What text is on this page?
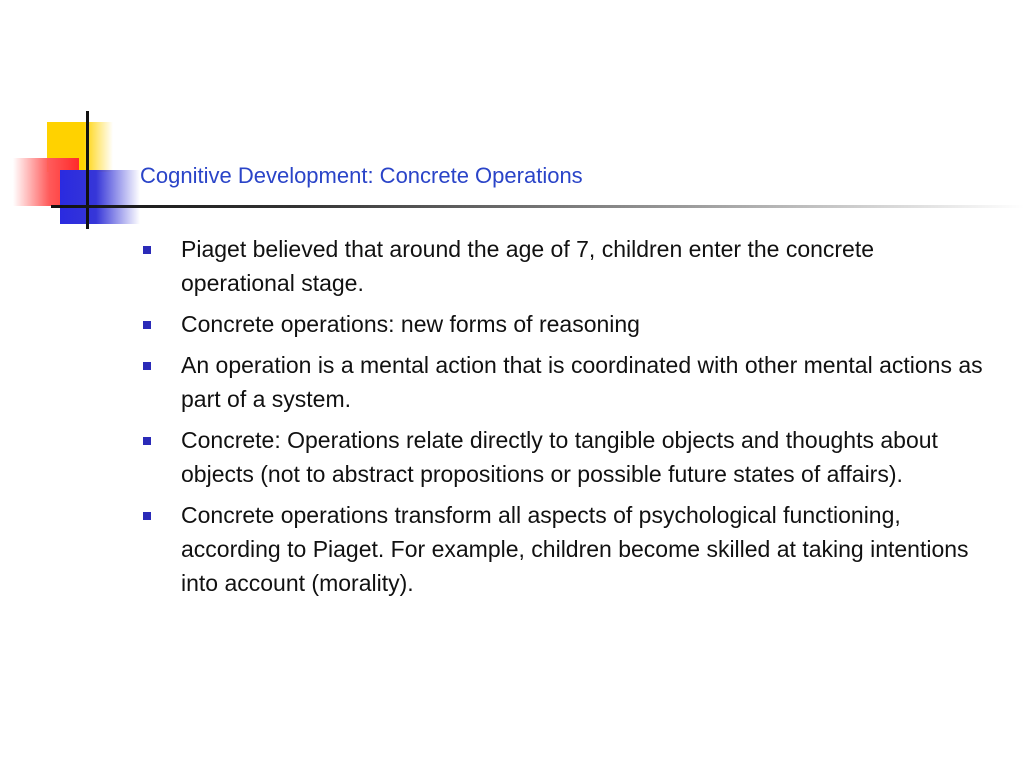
Cognitive Development: Concrete Operations
Piaget believed that around the age of 7, children enter the concrete operational stage.
Concrete operations: new forms of reasoning
An operation is a mental action that is coordinated with other mental actions as part of a system.
Concrete: Operations relate directly to tangible objects and thoughts about objects (not to abstract propositions or possible future states of affairs).
Concrete operations transform all aspects of psychological functioning, according to Piaget. For example, children become skilled at taking intentions into account (morality).
